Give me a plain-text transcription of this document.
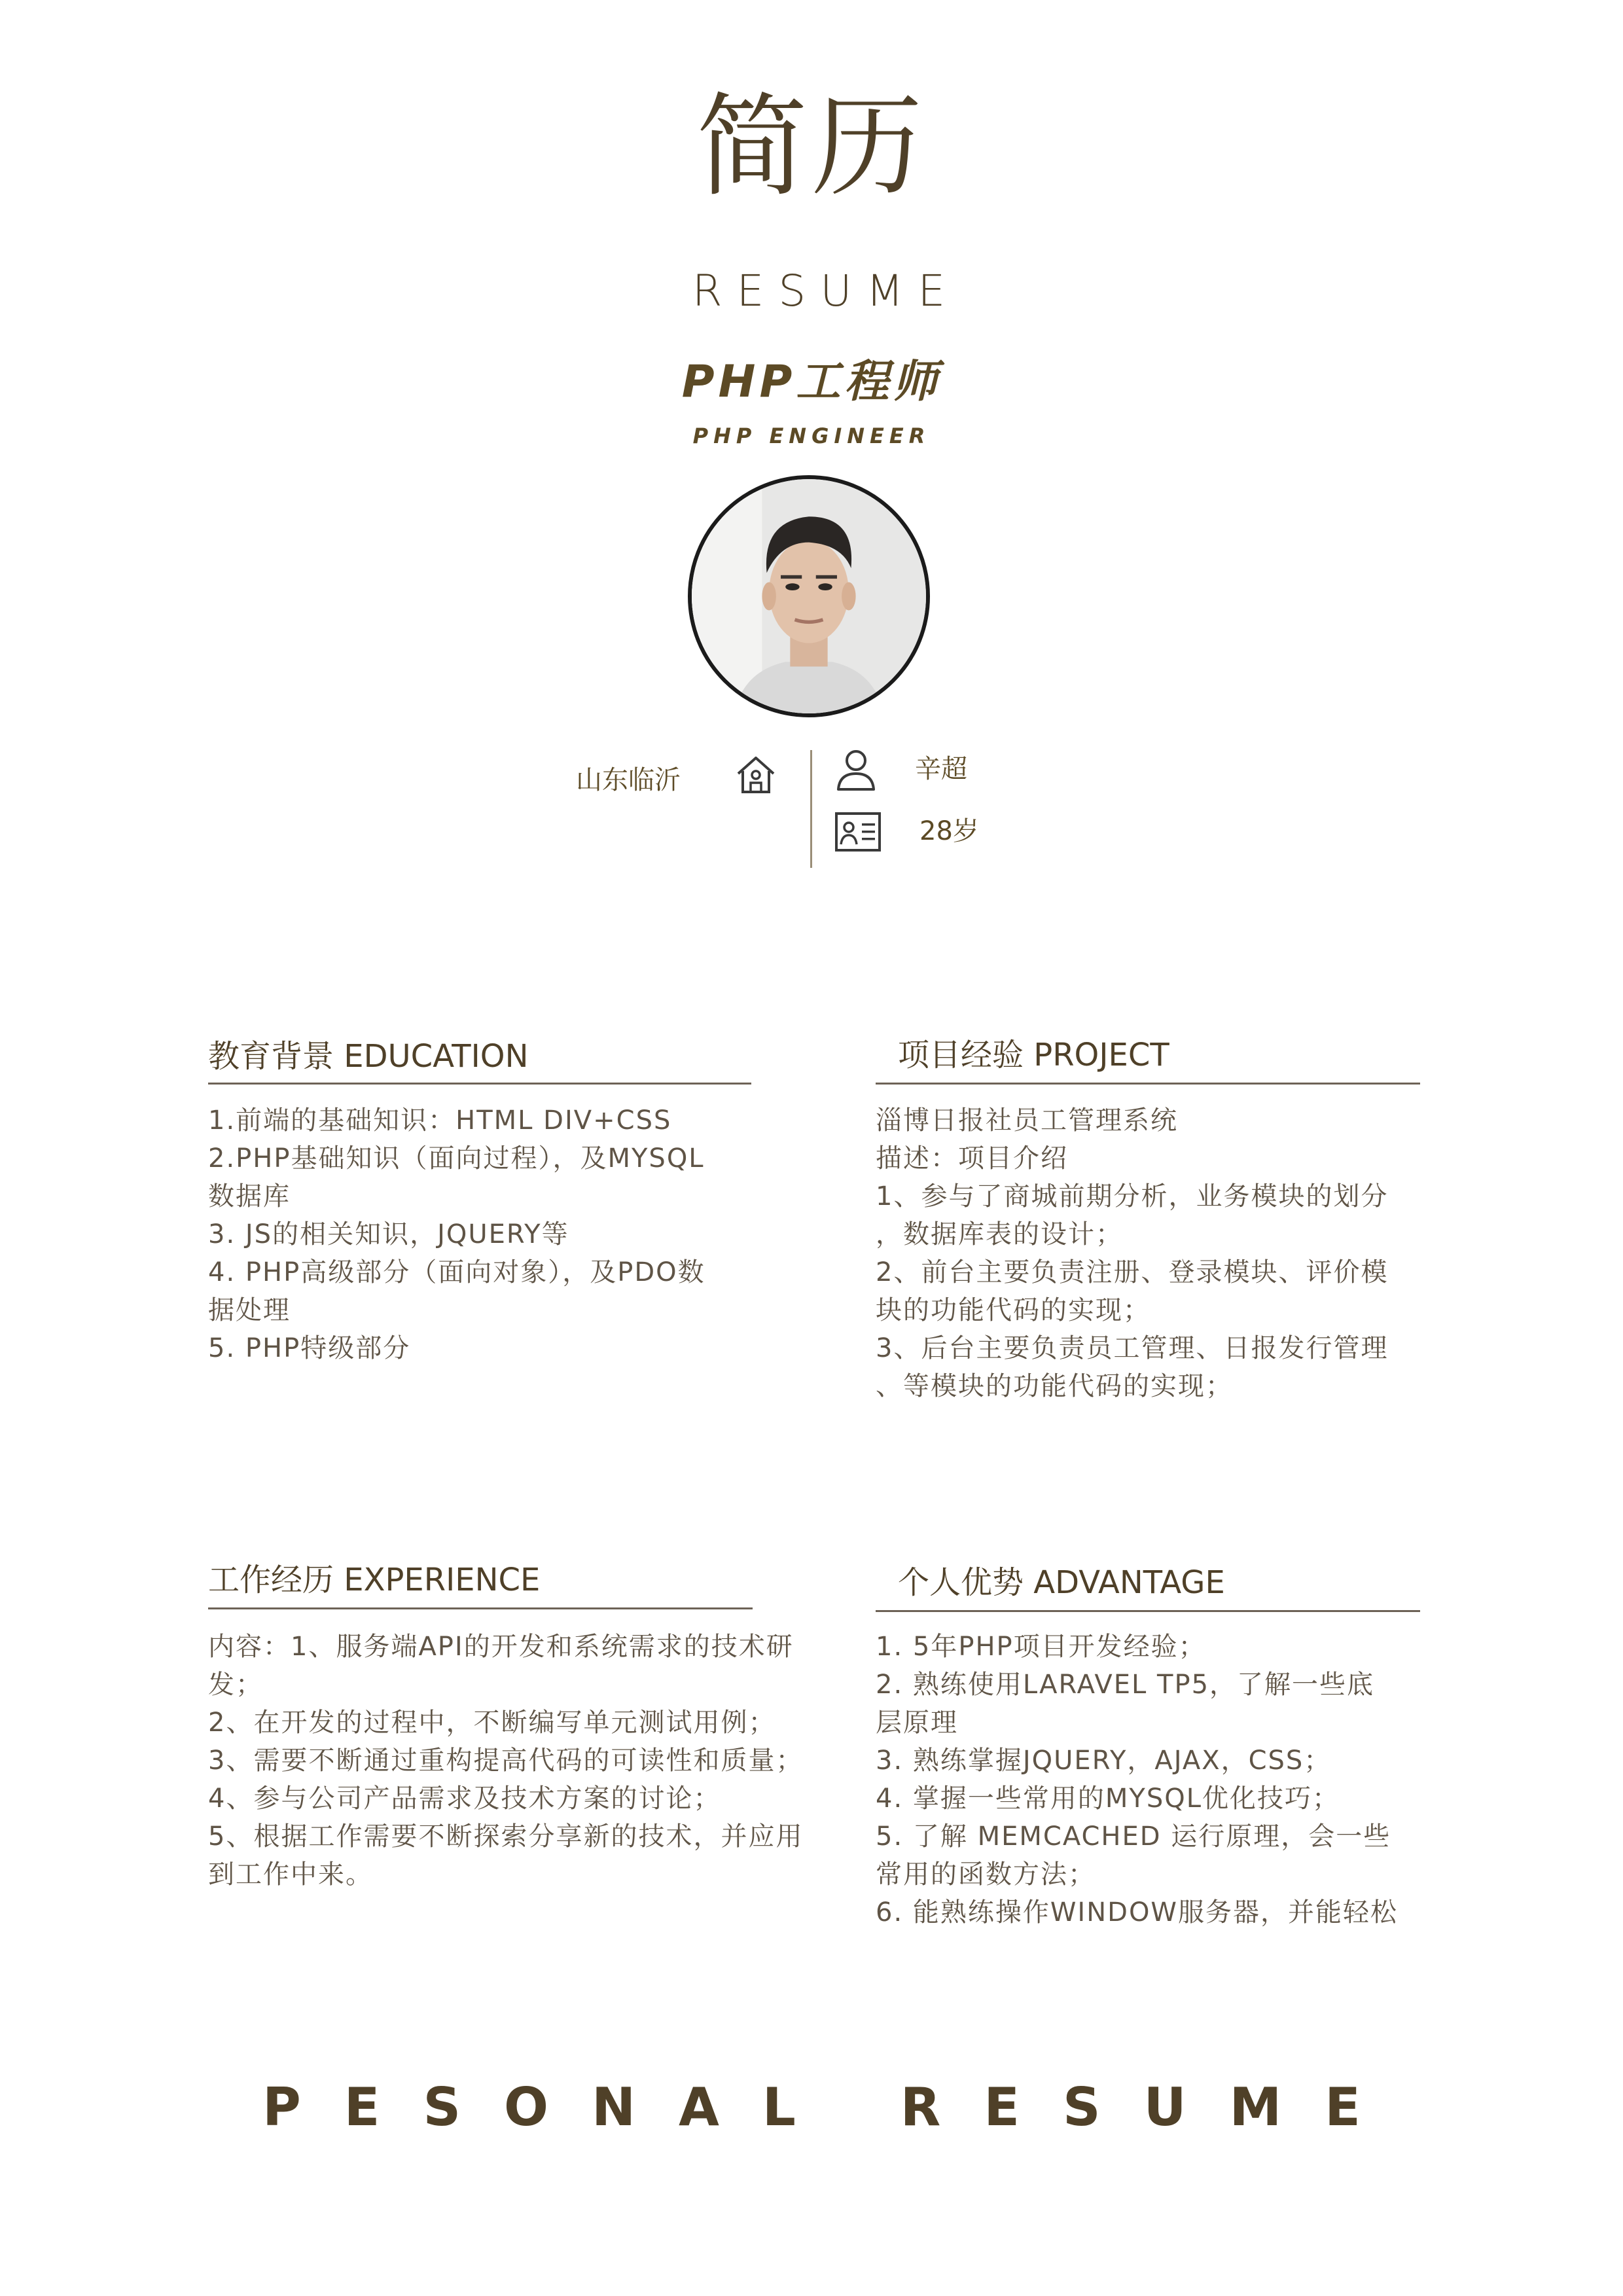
简历
RESUME
PHP工程师
PHP ENGINEER
山东临沂	辛超
28岁
教育背景 EDUCATION
1.前端的基础知识：HTML DIV+CSS
2.PHP基础知识（面向过程），及MYSQL
数据库
3. JS的相关知识，JQUERY等
4. PHP高级部分（面向对象），及PDO数
据处理
5. PHP特级部分
项目经验 PROJECT
淄博日报社员工管理系统
描述：项目介绍
1、参与了商城前期分析，业务模块的划分
，数据库表的设计；
2、前台主要负责注册、登录模块、评价模
块的功能代码的实现；
3、后台主要负责员工管理、日报发行管理
、等模块的功能代码的实现；
工作经历 EXPERIENCE
内容：1、服务端API的开发和系统需求的技术研
发；
2、在开发的过程中，不断编写单元测试用例；
3、需要不断通过重构提高代码的可读性和质量；
4、参与公司产品需求及技术方案的讨论；
5、根据工作需要不断探索分享新的技术，并应用
到工作中来。
个人优势 ADVANTAGE
1. 5年PHP项目开发经验；
2. 熟练使用LARAVEL TP5，了解一些底
层原理
3. 熟练掌握JQUERY，AJAX，CSS；
4. 掌握一些常用的MYSQL优化技巧；
5. 了解 MEMCACHED 运行原理，会一些
常用的函数方法；
6. 能熟练操作WINDOW服务器，并能轻松
PESONAL RESUME
